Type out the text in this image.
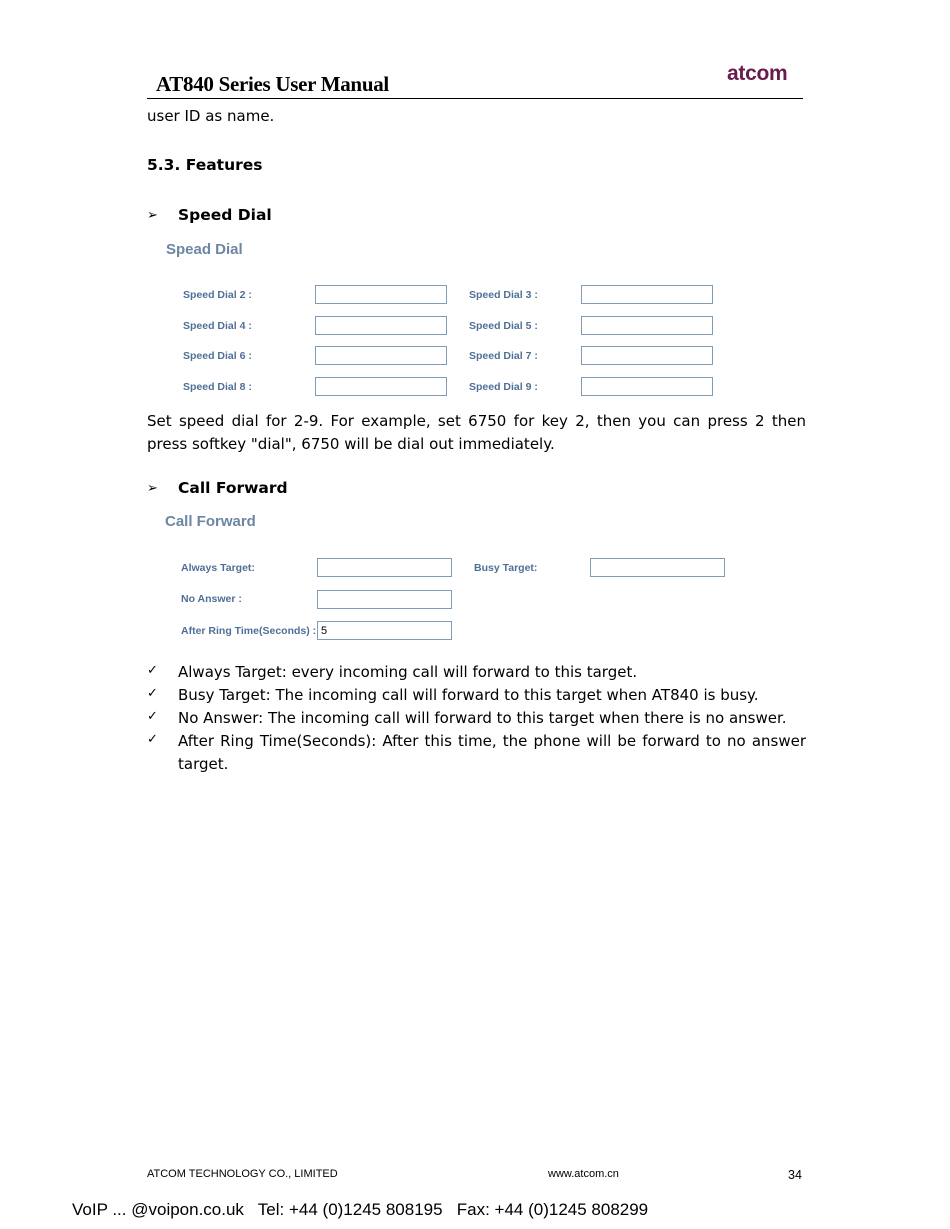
AT840 Series User Manual	atcom
user ID as name.
5.3. Features
➢ Speed Dial
Spead Dial
Speed Dial 2 :	Speed Dial 3 :
Speed Dial 4 :	Speed Dial 5 :
Speed Dial 6 :	Speed Dial 7 :
Speed Dial 8 :	Speed Dial 9 :
Set speed dial for 2-9. For example, set 6750 for key 2, then you can press 2 then press softkey "dial", 6750 will be dial out immediately.
➢ Call Forward
Call Forward
Always Target:	Busy Target:
No Answer :
After Ring Time(Seconds) :
5
✓ Always Target: every incoming call will forward to this target.
✓ Busy Target: The incoming call will forward to this target when AT840 is busy.
✓ No Answer: The incoming call will forward to this target when there is no answer.
✓ After Ring Time(Seconds): After this time, the phone will be forward to no answer target.
ATCOM TECHNOLOGY CO., LIMITED	www.atcom.cn	34
VoIP ... @voipon.co.uk   Tel: +44 (0)1245 808195   Fax: +44 (0)1245 808299
